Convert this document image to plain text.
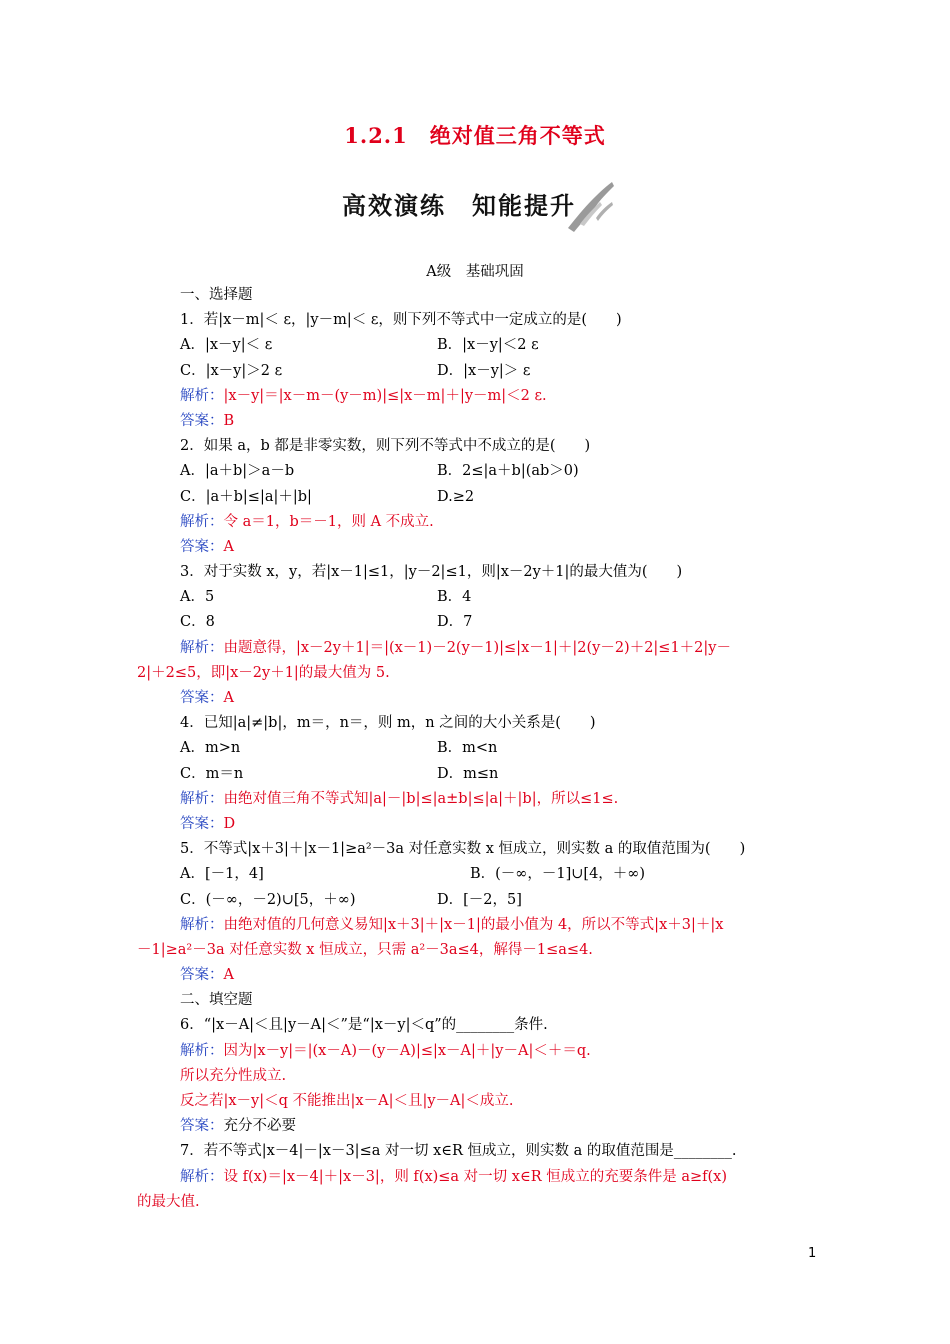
1.2.1　绝对值三角不等式
高效演练　知能提升
A级　基础巩固
一、选择题
1．若|x－m|＜ ε，|y－m|＜ ε，则下列不等式中一定成立的是(　　)
A．|x－y|＜ ε	B．|x－y|＜2 ε
C．|x－y|＞2 ε	D．|x－y|＞ ε
解析：|x－y|＝|x－m－(y－m)|≤|x－m|＋|y－m|＜2 ε.
答案：B
2．如果 a，b 都是非零实数，则下列不等式中不成立的是(　　)
A．|a＋b|＞a－b	B．2≤|a＋b|(ab＞0)
C．|a＋b|≤|a|＋|b|	D.≥2
解析：令 a＝1，b＝－1，则 A 不成立.
答案：A
3．对于实数 x，y，若|x－1|≤1，|y－2|≤1，则|x－2y＋1|的最大值为(　　)
A．5	B．4
C．8	D．7
解析：由题意得，|x－2y＋1|＝|(x－1)－2(y－1)|≤|x－1|＋|2(y－2)＋2|≤1＋2|y－
2|＋2≤5，即|x－2y＋1|的最大值为 5.
答案：A
4．已知|a|≠|b|，m＝，n＝，则 m，n 之间的大小关系是(　　)
A．m>n	B．m<n
C．m＝n	D．m≤n
解析：由绝对值三角不等式知|a|－|b|≤|a±b|≤|a|＋|b|，所以≤1≤.
答案：D
5．不等式|x＋3|＋|x－1|≥a²－3a 对任意实数 x 恒成立，则实数 a 的取值范围为(　　)
A．[－1，4]	B．(－∞，－1]∪[4，＋∞)
C．(－∞，－2)∪[5，＋∞)	D．[－2，5]
解析：由绝对值的几何意义易知|x＋3|＋|x－1|的最小值为 4，所以不等式|x＋3|＋|x
－1|≥a²－3a 对任意实数 x 恒成立，只需 a²－3a≤4，解得－1≤a≤4.
答案：A
二、填空题
6．“|x－A|＜且|y－A|＜”是“|x－y|＜q”的________条件.
解析：因为|x－y|＝|(x－A)－(y－A)|≤|x－A|＋|y－A|＜＋＝q.
所以充分性成立.
反之若|x－y|＜q 不能推出|x－A|＜且|y－A|＜成立.
答案：充分不必要
7．若不等式|x－4|－|x－3|≤a 对一切 x∈R 恒成立，则实数 a 的取值范围是________.
解析：设 f(x)＝|x－4|＋|x－3|，则 f(x)≤a 对一切 x∈R 恒成立的充要条件是 a≥f(x)
的最大值.
1
